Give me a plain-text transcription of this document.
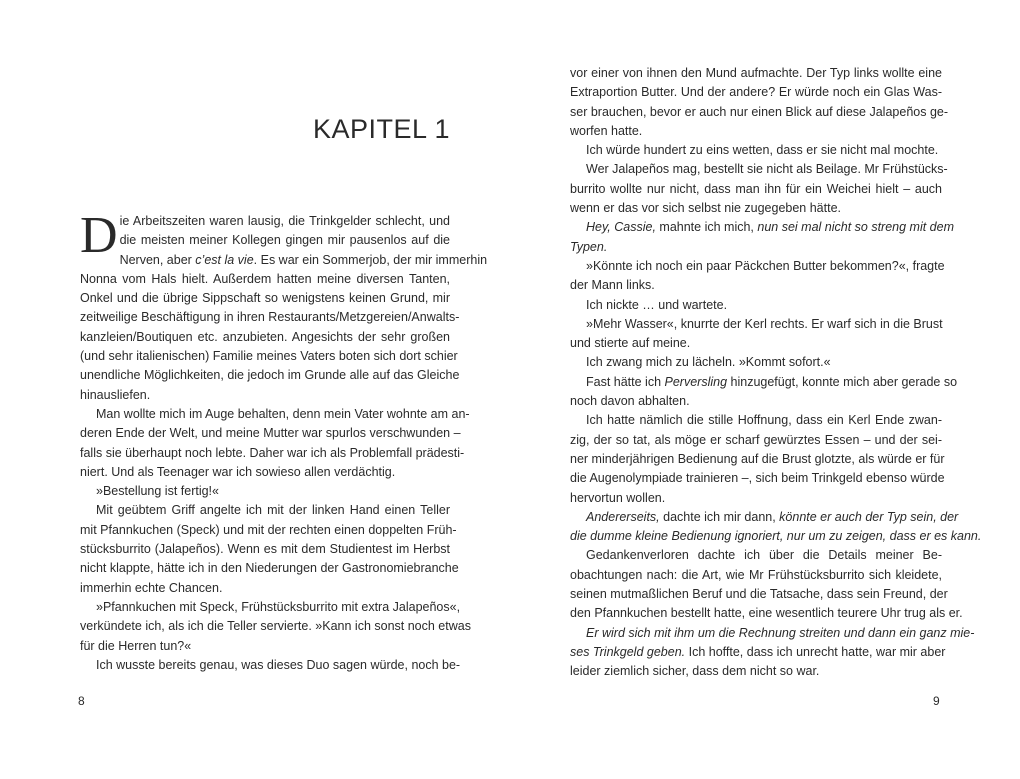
KAPITEL 1

D ie Arbeitszeiten waren lausig, die Trinkgelder schlecht, und
die meisten meiner Kollegen gingen mir pausenlos auf die
Nerven, aber c’est la vie. Es war ein Sommerjob, der mir immerhin
Nonna vom Hals hielt. Außerdem hatten meine diversen Tanten,
Onkel und die übrige Sippschaft so wenigstens keinen Grund, mir
zeitweilige Beschäftigung in ihren Restaurants/Metzgereien/Anwalts-
kanzleien/Boutiquen etc. anzubieten. Angesichts der sehr großen
(und sehr italienischen) Familie meines Vaters boten sich dort schier
unendliche Möglichkeiten, die jedoch im Grunde alle auf das Gleiche
hinausliefen.

Man wollte mich im Auge behalten, denn mein Vater wohnte am an-
deren Ende der Welt, und meine Mutter war spurlos verschwunden –
falls sie überhaupt noch lebte. Daher war ich als Problemfall prädesti-
niert. Und als Teenager war ich sowieso allen verdächtig.

»Bestellung ist fertig!«

Mit geübtem Griff angelte ich mit der linken Hand einen Teller
mit Pfannkuchen (Speck) und mit der rechten einen doppelten Früh-
stücksburrito (Jalapeños). Wenn es mit dem Studientest im Herbst
nicht klappte, hätte ich in den Niederungen der Gastronomiebranche
immerhin echte Chancen.

»Pfannkuchen mit Speck, Frühstücksburrito mit extra Jalapeños«,
verkündete ich, als ich die Teller servierte. »Kann ich sonst noch etwas
für die Herren tun?«

Ich wusste bereits genau, was dieses Duo sagen würde, noch be-

8

vor einer von ihnen den Mund aufmachte. Der Typ links wollte eine
Extraportion Butter. Und der andere? Er würde noch ein Glas Was-
ser brauchen, bevor er auch nur einen Blick auf diese Jalapeños ge-
worfen hatte.

Ich würde hundert zu eins wetten, dass er sie nicht mal mochte.

Wer Jalapeños mag, bestellt sie nicht als Beilage. Mr Frühstücks-
burrito wollte nur nicht, dass man ihn für ein Weichei hielt – auch
wenn er das vor sich selbst nie zugegeben hätte.

Hey, Cassie, mahnte ich mich, nun sei mal nicht so streng mit dem
Typen.

»Könnte ich noch ein paar Päckchen Butter bekommen?«, fragte
der Mann links.

Ich nickte … und wartete.

»Mehr Wasser«, knurrte der Kerl rechts. Er warf sich in die Brust
und stierte auf meine.

Ich zwang mich zu lächeln. »Kommt sofort.«

Fast hätte ich Perversling hinzugefügt, konnte mich aber gerade so
noch davon abhalten.

Ich hatte nämlich die stille Hoffnung, dass ein Kerl Ende zwan-
zig, der so tat, als möge er scharf gewürztes Essen – und der sei-
ner minderjährigen Bedienung auf die Brust glotzte, als würde er für
die Augenolympiade trainieren –, sich beim Trinkgeld ebenso würde
hervortun wollen.

Andererseits, dachte ich mir dann, könnte er auch der Typ sein, der
die dumme kleine Bedienung ignoriert, nur um zu zeigen, dass er es kann.

Gedankenverloren dachte ich über die Details meiner Be-
obachtungen nach: die Art, wie Mr Frühstücksburrito sich kleidete,
seinen mutmaßlichen Beruf und die Tatsache, dass sein Freund, der
den Pfannkuchen bestellt hatte, eine wesentlich teurere Uhr trug als er.

Er wird sich mit ihm um die Rechnung streiten und dann ein ganz mie-
ses Trinkgeld geben. Ich hoffte, dass ich unrecht hatte, war mir aber
leider ziemlich sicher, dass dem nicht so war.

9
